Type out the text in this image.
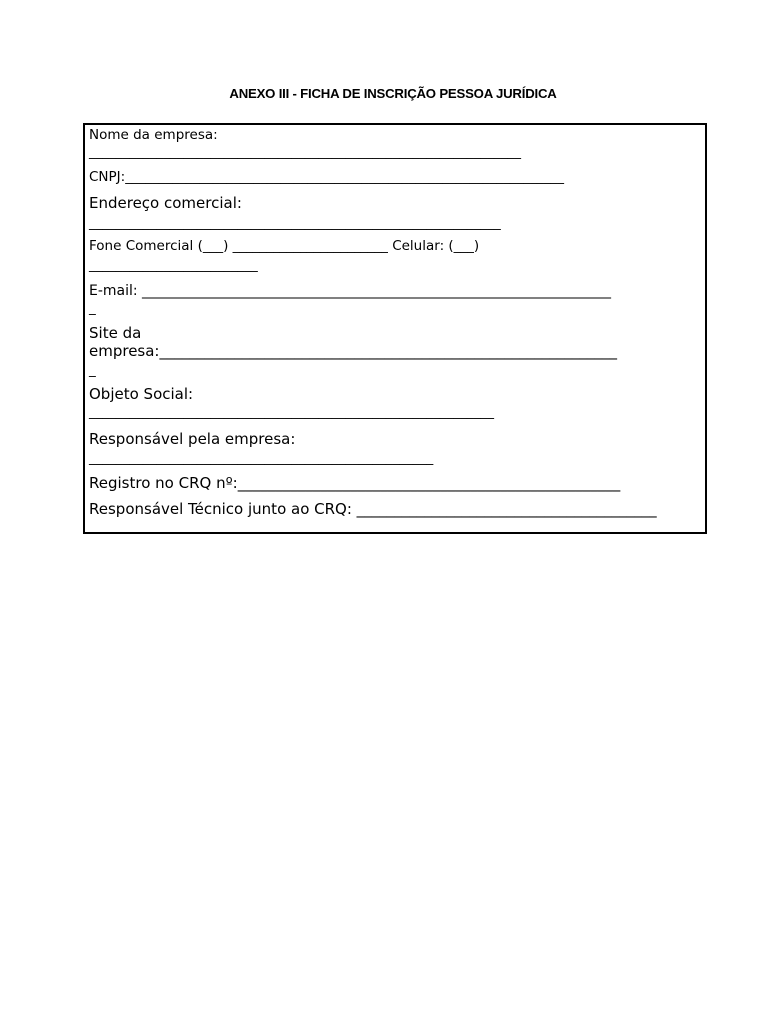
ANEXO III - FICHA DE INSCRIÇÃO PESSOA JURÍDICA
Nome da empresa:
________________________________________________________________
CNPJ:_________________________________________________________________
Endereço comercial:
_____________________________________________________________
Fone Comercial (___) _______________________ Celular: (___)
_________________________
E-mail: ___________________________________________________________________
_
Site da
empresa:_____________________________________________________________
_
Objeto Social:
____________________________________________________________
Responsável pela empresa:
___________________________________________________
Registro no CRQ nº:___________________________________________________
Responsável Técnico junto ao CRQ: ________________________________________
